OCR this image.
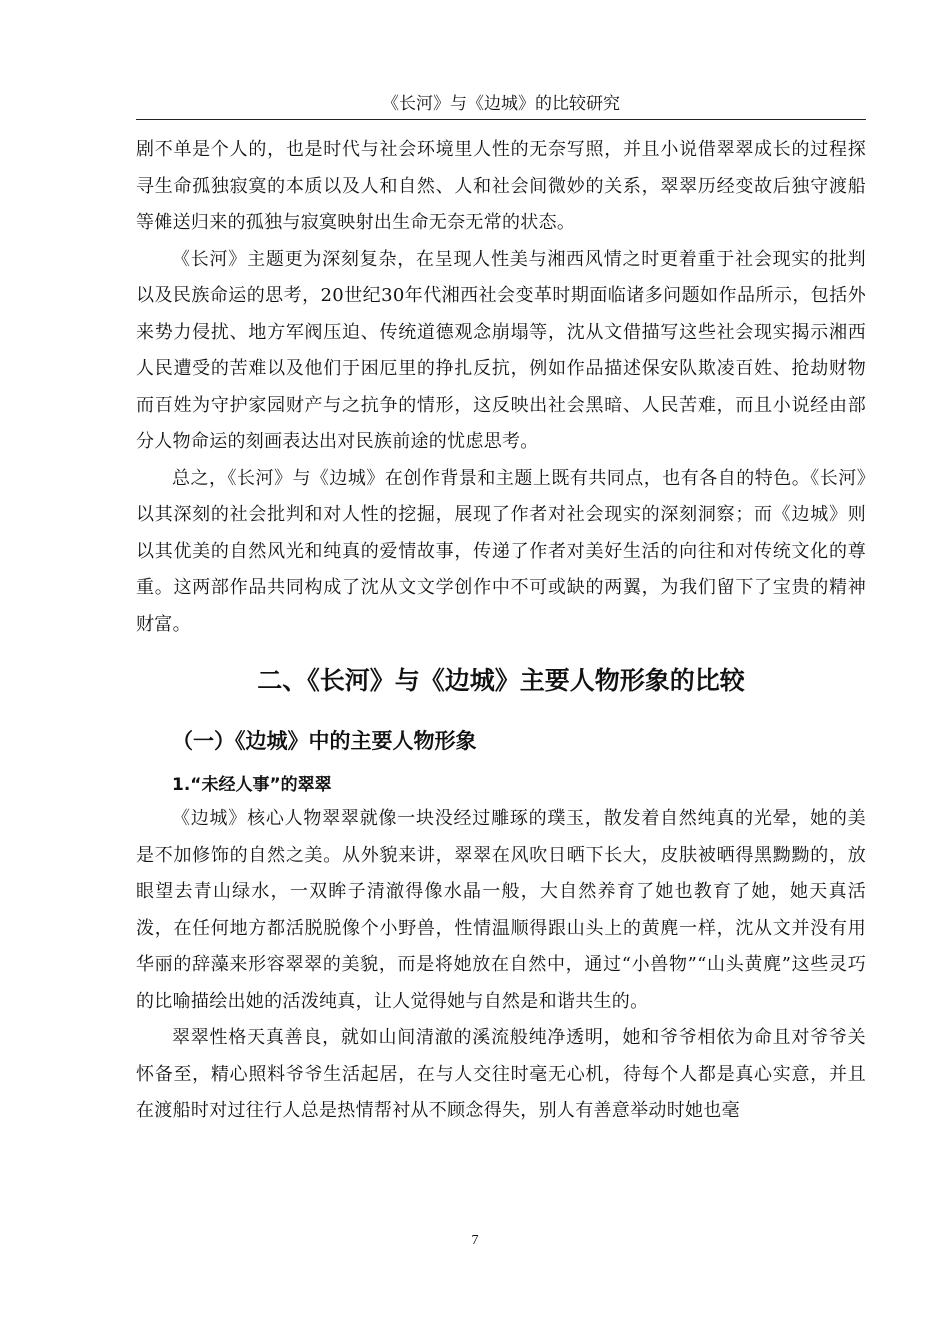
《长河》与《边城》的比较研究

剧不单是个人的，也是时代与社会环境里人性的无奈写照，并且小说借翠翠成长的过程探寻生命孤独寂寞的本质以及人和自然、人和社会间微妙的关系，翠翠历经变故后独守渡船等傩送归来的孤独与寂寞映射出生命无奈无常的状态。

《长河》主题更为深刻复杂，在呈现人性美与湘西风情之时更着重于社会现实的批判以及民族命运的思考，20世纪30年代湘西社会变革时期面临诸多问题如作品所示，包括外来势力侵扰、地方军阀压迫、传统道德观念崩塌等，沈从文借描写这些社会现实揭示湘西人民遭受的苦难以及他们于困厄里的挣扎反抗，例如作品描述保安队欺凌百姓、抢劫财物而百姓为守护家园财产与之抗争的情形，这反映出社会黑暗、人民苦难，而且小说经由部分人物命运的刻画表达出对民族前途的忧虑思考。

总之，《长河》与《边城》在创作背景和主题上既有共同点，也有各自的特色。《长河》以其深刻的社会批判和对人性的挖掘，展现了作者对社会现实的深刻洞察；而《边城》则以其优美的自然风光和纯真的爱情故事，传递了作者对美好生活的向往和对传统文化的尊重。这两部作品共同构成了沈从文文学创作中不可或缺的两翼，为我们留下了宝贵的精神财富。

二、《长河》与《边城》主要人物形象的比较
（一）《边城》中的主要人物形象
1.“未经人事”的翠翠

《边城》核心人物翠翠就像一块没经过雕琢的璞玉，散发着自然纯真的光晕，她的美是不加修饰的自然之美。从外貌来讲，翠翠在风吹日晒下长大，皮肤被晒得黑黝黝的，放眼望去青山绿水，一双眸子清澈得像水晶一般，大自然养育了她也教育了她，她天真活泼，在任何地方都活脱脱像个小野兽，性情温顺得跟山头上的黄麂一样，沈从文并没有用华丽的辞藻来形容翠翠的美貌，而是将她放在自然中，通过“小兽物”“山头黄麂”这些灵巧的比喻描绘出她的活泼纯真，让人觉得她与自然是和谐共生的。

翠翠性格天真善良，就如山间清澈的溪流般纯净透明，她和爷爷相依为命且对爷爷关怀备至，精心照料爷爷生活起居，在与人交往时毫无心机，待每个人都是真心实意，并且在渡船时对过往行人总是热情帮衬从不顾念得失，别人有善意举动时她也毫

7
